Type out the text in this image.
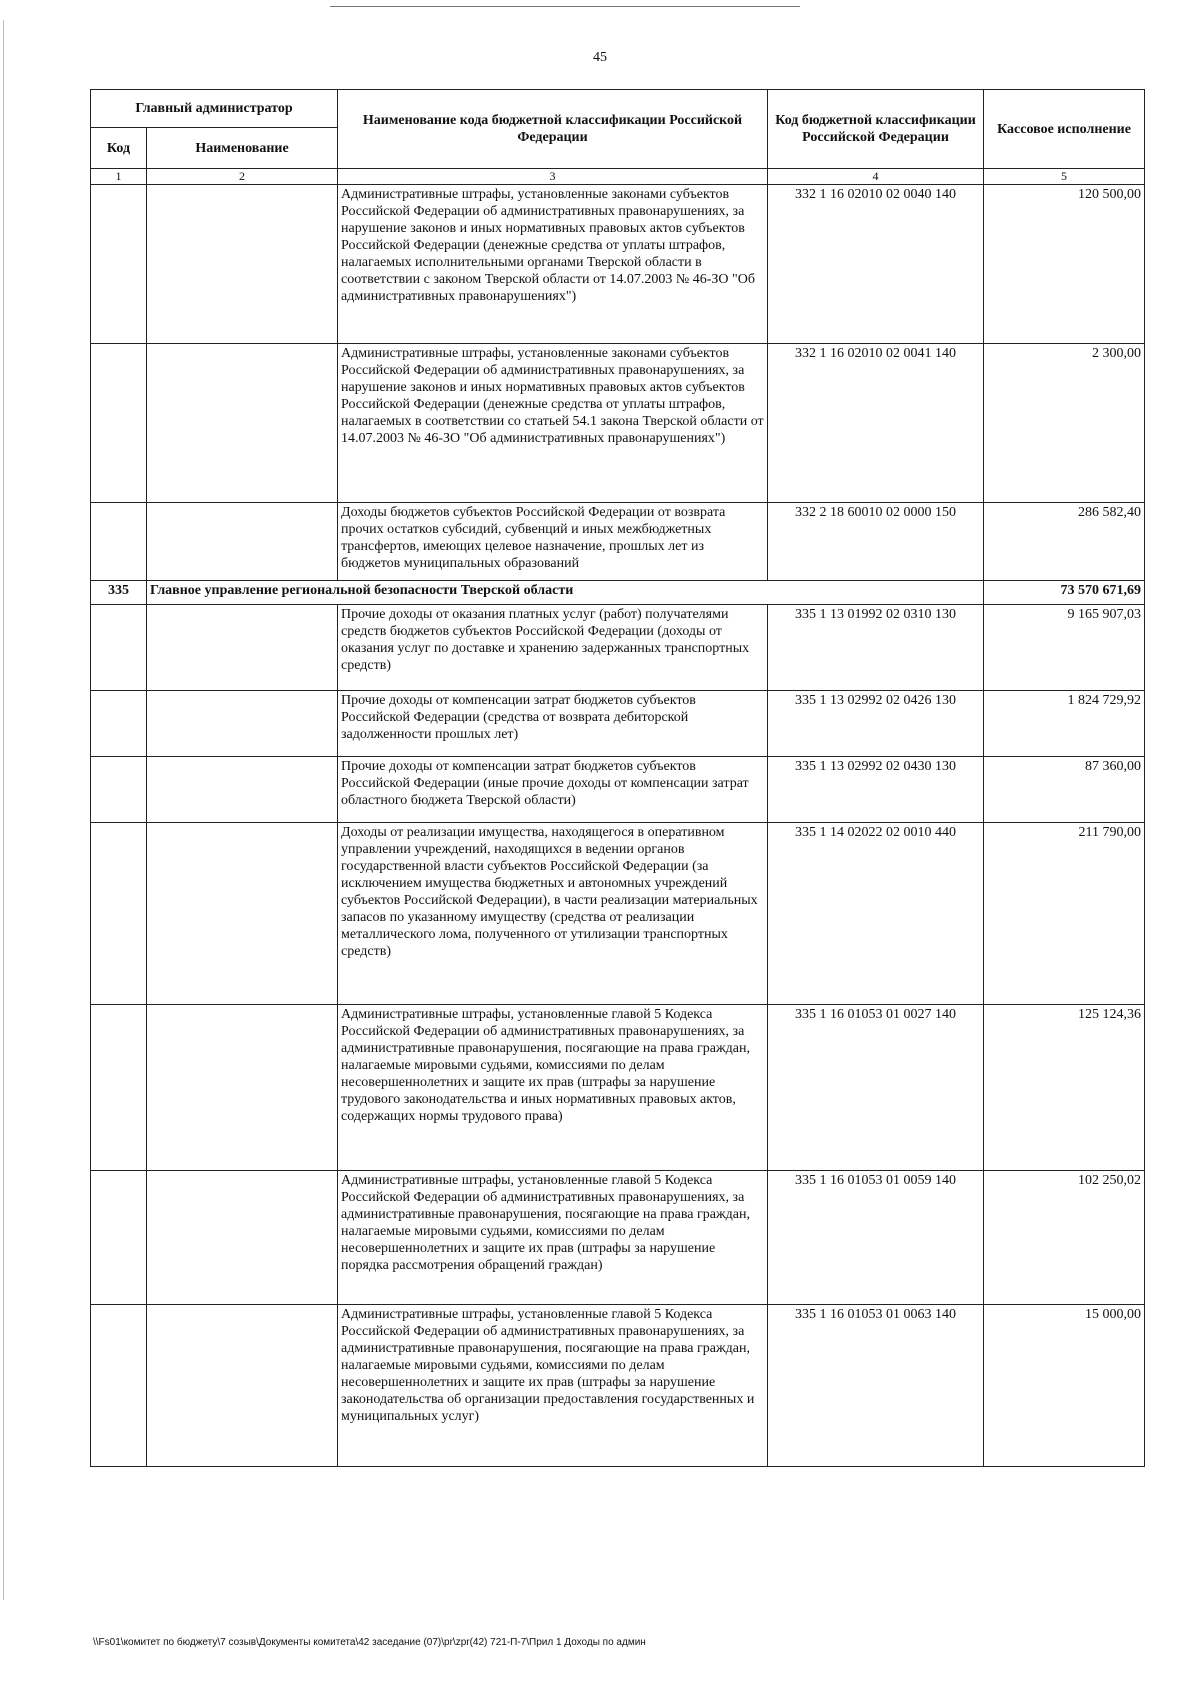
45
Главный администратор		Наименование кода бюджетной классификации Российской Федерации	Код бюджетной классификации Российской Федерации	Кассовое исполнение
Код	Наименование			
1	2	3	4	5
		Административные штрафы, установленные законами субъектов Российской Федерации об административных правонарушениях, за нарушение законов и иных нормативных правовых актов субъектов Российской Федерации (денежные средства от уплаты штрафов, налагаемых исполнительными органами Тверской области в соответствии с законом Тверской области от 14.07.2003 № 46-ЗО "Об административных правонарушениях")	332 1 16 02010 02 0040 140	120 500,00
		Административные штрафы, установленные законами субъектов Российской Федерации об административных правонарушениях, за нарушение законов и иных нормативных правовых актов субъектов Российской Федерации (денежные средства от уплаты штрафов, налагаемых в соответствии со статьей 54.1 закона Тверской области от 14.07.2003 № 46-ЗО "Об административных правонарушениях")	332 1 16 02010 02 0041 140	2 300,00
		Доходы бюджетов субъектов Российской Федерации от возврата прочих остатков субсидий, субвенций и иных межбюджетных трансфертов, имеющих целевое назначение, прошлых лет из бюджетов муниципальных образований	332 2 18 60010 02 0000 150	286 582,40
335	Главное управление региональной безопасности Тверской области			73 570 671,69
		Прочие доходы от оказания платных услуг (работ) получателями средств бюджетов субъектов Российской Федерации (доходы от оказания услуг по доставке и хранению задержанных транспортных средств)	335 1 13 01992 02 0310 130	9 165 907,03
		Прочие доходы от компенсации затрат бюджетов субъектов Российской Федерации (средства от возврата дебиторской задолженности прошлых лет)	335 1 13 02992 02 0426 130	1 824 729,92
		Прочие доходы от компенсации затрат бюджетов субъектов Российской Федерации (иные прочие доходы от компенсации затрат областного бюджета Тверской области)	335 1 13 02992 02 0430 130	87 360,00
		Доходы от реализации имущества, находящегося в оперативном управлении учреждений, находящихся в ведении органов государственной власти субъектов Российской Федерации (за исключением имущества бюджетных и автономных учреждений субъектов Российской Федерации), в части реализации материальных запасов по указанному имуществу (средства от реализации металлического лома, полученного от утилизации транспортных средств)	335 1 14 02022 02 0010 440	211 790,00
		Административные штрафы, установленные главой 5 Кодекса Российской Федерации об административных правонарушениях, за административные правонарушения, посягающие на права граждан, налагаемые мировыми судьями, комиссиями по делам несовершеннолетних и защите их прав (штрафы за нарушение трудового законодательства и иных нормативных правовых актов, содержащих нормы трудового права)	335 1 16 01053 01 0027 140	125 124,36
		Административные штрафы, установленные главой 5 Кодекса Российской Федерации об административных правонарушениях, за административные правонарушения, посягающие на права граждан, налагаемые мировыми судьями, комиссиями по делам несовершеннолетних и защите их прав (штрафы за нарушение порядка рассмотрения обращений граждан)	335 1 16 01053 01 0059 140	102 250,02
		Административные штрафы, установленные главой 5 Кодекса Российской Федерации об административных правонарушениях, за административные правонарушения, посягающие на права граждан, налагаемые мировыми судьями, комиссиями по делам несовершеннолетних и защите их прав (штрафы за нарушение законодательства об организации предоставления государственных и муниципальных услуг)	335 1 16 01053 01 0063 140	15 000,00
\\Fs01\комитет по бюджету\7 созыв\Документы комитета\42 заседание (07)\pr\zpr(42) 721-П-7\Прил 1 Доходы по админ
